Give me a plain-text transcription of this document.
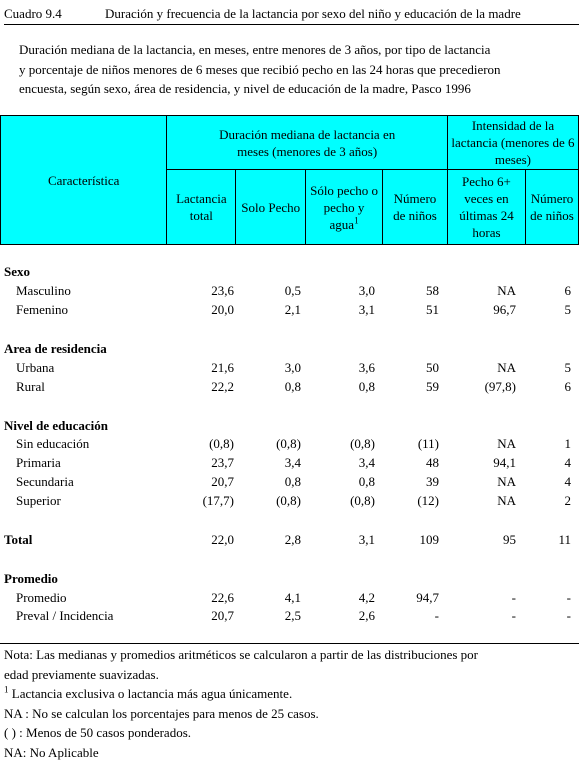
Cuadro 9.4	Duración y frecuencia de la lactancia por sexo del niño y educación de la madre
Duración mediana de la lactancia, en meses, entre menores de 3 años, por tipo de lactancia
y porcentaje de niños menores de 6 meses que recibió pecho en las 24 horas que precedieron
encuesta, según sexo, área de residencia, y nivel de educación de la madre, Pasco 1996
Característica	Duración mediana de lactancia en meses (menores de 3 años)				Intensidad de la lactancia (menores de 6 meses)	

	Lactancia total	Solo Pecho	Sólo pecho o pecho y agua$^1$	Número de niños	Pecho 6+ veces en últimas 24 horas	Número de niños
Sexo
Masculino	23,6	0,5	3,0	58	NA	6
Femenino	20,0	2,1	3,1	51	96,7	5
Area de residencia
Urbana	21,6	3,0	3,6	50	NA	5
Rural	22,2	0,8	0,8	59	(97,8)	6
Nivel de educación
Sin educación	(0,8)	(0,8)	(0,8)	(11)	NA	1
Primaria	23,7	3,4	3,4	48	94,1	4
Secundaria	20,7	0,8	0,8	39	NA	4
Superior	(17,7)	(0,8)	(0,8)	(12)	NA	2
Total	22,0	2,8	3,1	109	95	11
Promedio
Promedio	22,6	4,1	4,2	94,7	-	-
Preval / Incidencia	20,7	2,5	2,6	-	-	-
Nota: Las medianas y promedios aritméticos se calcularon a partir de las distribuciones por
edad previamente suavizadas.
$^1$ Lactancia exclusiva o lactancia más agua únicamente.
NA : No se calculan los porcentajes para menos de 25 casos.
( ) : Menos de 50 casos ponderados.
NA: No Aplicable
